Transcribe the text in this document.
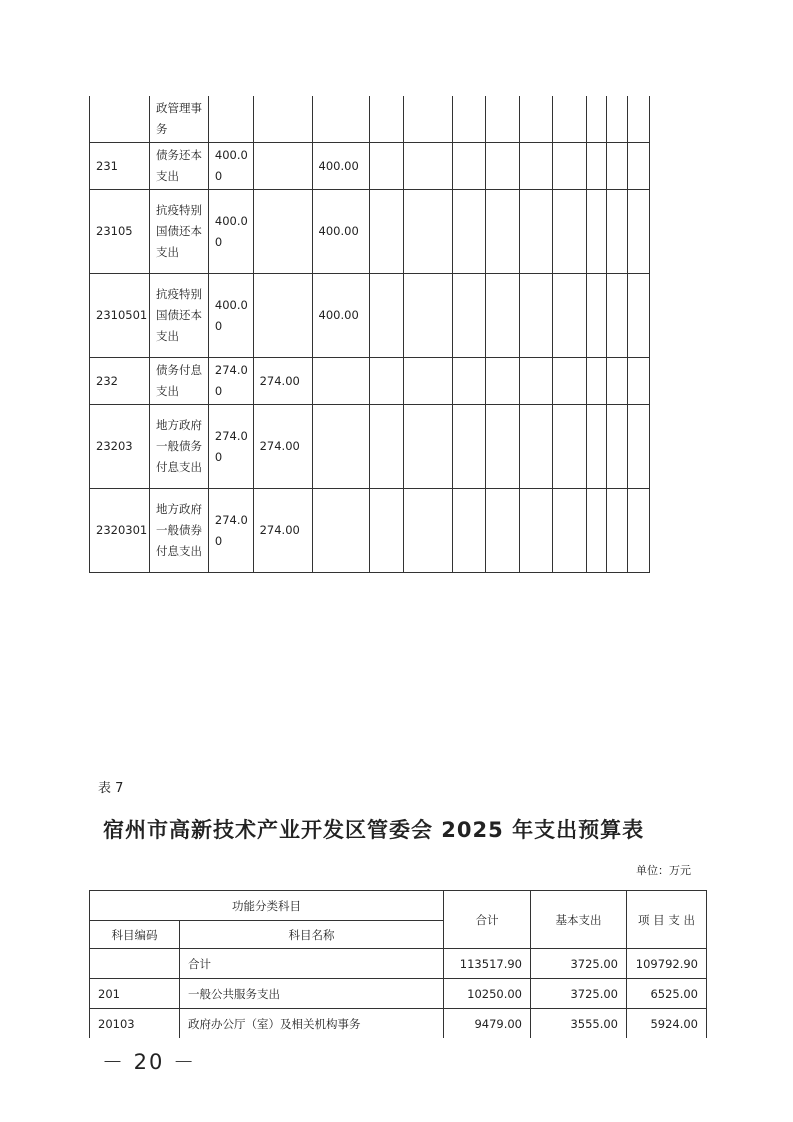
	政管理事务												
231	债务还本支出	400.00		400.00									
23105	抗疫特别国债还本支出	400.00		400.00									
2310501	抗疫特别国债还本支出	400.00		400.00									
232	债务付息支出	274.00	274.00										
23203	地方政府一般债务付息支出	274.00	274.00										
2320301	地方政府一般债券付息支出	274.00	274.00										
表 7
宿州市高新技术产业开发区管委会 2025 年支出预算表
单位：万元
功能分类科目		合计	基本支出	项 目 支 出
科目编码	科目名称			
	合计	113517.90	3725.00	109792.90
201	一般公共服务支出	10250.00	3725.00	6525.00
20103	政府办公厅（室）及相关机构事务	9479.00	3555.00	5924.00
－ 20 －
